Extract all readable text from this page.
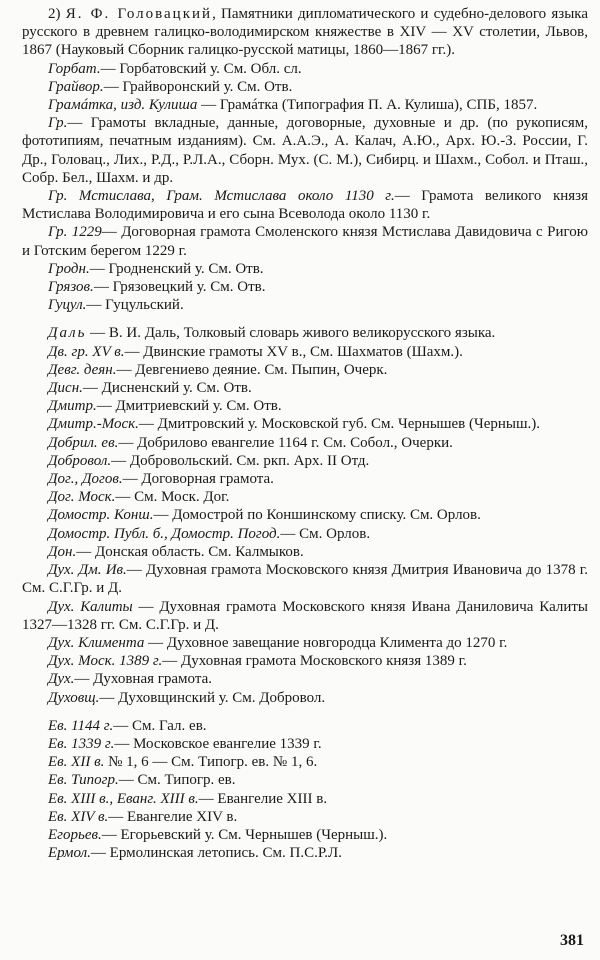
2) Я. Ф. Головацкий, Памятники дипломатического и судебно-делового языка русского в древнем галицко-володимирском княжестве в XIV — XV столетии, Львов, 1867 (Науковый Сборник галицко-русской матицы, 1860—1867 гг.).

Горбат.— Горбатовский у. См. Обл. сл.

Грайвор.— Грайворонский у. См. Отв.

Грамáтка, изд. Кулиша — Грамáтка (Типография П. А. Кулиша), СПБ, 1857.

Гр.— Грамоты вкладные, данные, договорные, духовные и др. (по рукописям, фототипиям, печатным изданиям). См. А.А.Э., А. Калач, А.Ю., Арх. Ю.-З. России, Г. Др., Головац., Лих., Р.Д., Р.Л.А., Сборн. Мух. (С. М.), Сибирц. и Шахм., Собол. и Пташ., Собр. Бел., Шахм. и др.

Гр. Мстислава, Грам. Мстислава около 1130 г.— Грамота великого князя Мстислава Володимировича и его сына Всеволода около 1130 г.

Гр. 1229— Договорная грамота Смоленского князя Мстислава Давидовича с Ригою и Готским берегом 1229 г.

Гродн.— Гродненский у. См. Отв.

Грязов.— Грязовецкий у. См. Отв.

Гуцул.— Гуцульский.

Даль — В. И. Даль, Толковый словарь живого великорусского языка.

Дв. гр. XV в.— Двинские грамоты XV в., См. Шахматов (Шахм.).

Девг. деян.— Девгениево деяние. См. Пыпин, Очерк.

Дисн.— Дисненский у. См. Отв.

Дмитр.— Дмитриевский у. См. Отв.

Дмитр.-Моск.— Дмитровский у. Московской губ. См. Чернышев (Черныш.).

Добрил. ев.— Добрилово евангелие 1164 г. См. Собол., Очерки.

Добровол.— Добровольский. См. ркп. Арх. II Отд.

Дог., Догов.— Договорная грамота.

Дог. Моск.— См. Моск. Дог.

Домостр. Конш.— Домострой по Коншинскому списку. См. Орлов.

Домостр. Публ. б., Домостр. Погод.— См. Орлов.

Дон.— Донская область. См. Калмыков.

Дух. Дм. Ив.— Духовная грамота Московского князя Дмитрия Ивановича до 1378 г. См. С.Г.Гр. и Д.

Дух. Калиты — Духовная грамота Московского князя Ивана Даниловича Калиты 1327—1328 гг. См. С.Г.Гр. и Д.

Дух. Климента — Духовное завещание новгородца Климента до 1270 г.

Дух. Моск. 1389 г.— Духовная грамота Московского князя 1389 г.

Дух.— Духовная грамота.

Духовщ.— Духовщинский у. См. Добровол.

Ев. 1144 г.— См. Гал. ев.

Ев. 1339 г.— Московское евангелие 1339 г.

Ев. XII в. № 1, 6 — См. Типогр. ев. № 1, 6.

Ев. Типогр.— См. Типогр. ев.

Ев. XIII в., Еванг. XIII в.— Евангелие XIII в.

Ев. XIV в.— Евангелие XIV в.

Егорьев.— Егорьевский у. См. Чернышев (Черныш.).

Ермол.— Ермолинская летопись. См. П.С.Р.Л.

381
